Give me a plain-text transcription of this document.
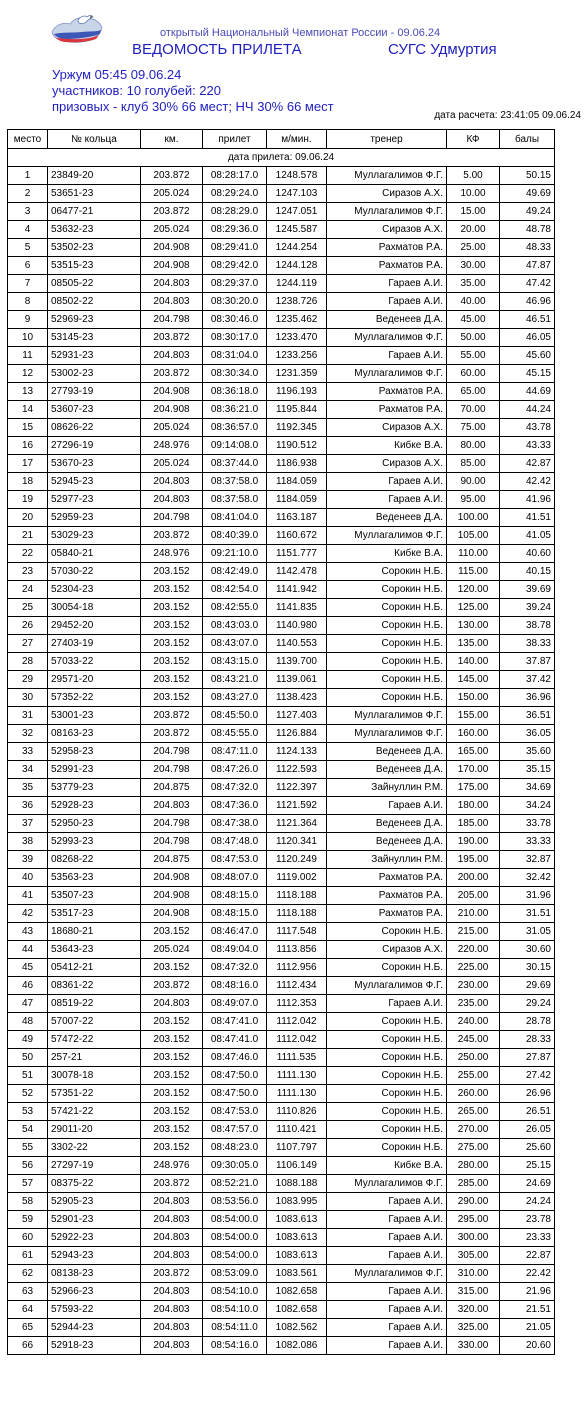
открытый Национальный Чемпионат России - 09.06.24
ВЕДОМОСТЬ ПРИЛЕТА	СУГС Удмуртия
Уржум 05:45 09.06.24
участников: 10 голубей: 220
призовых - клуб 30% 66 мест; НЧ 30% 66 мест
дата расчета: 23:41:05 09.06.24
место	№ кольца	км.	прилет	м/мин.	тренер	КФ	балы
дата прилета: 09.06.24							
1	23849-20	203.872	08:28:17.0	1248.578	Муллагалимов Ф.Г.	5.00	50.15
2	53651-23	205.024	08:29:24.0	1247.103	Сиразов А.Х.	10.00	49.69
3	06477-21	203.872	08:28:29.0	1247.051	Муллагалимов Ф.Г.	15.00	49.24
4	53632-23	205.024	08:29:36.0	1245.587	Сиразов А.Х.	20.00	48.78
5	53502-23	204.908	08:29:41.0	1244.254	Рахматов Р.А.	25.00	48.33
6	53515-23	204.908	08:29:42.0	1244.128	Рахматов Р.А.	30.00	47.87
7	08505-22	204.803	08:29:37.0	1244.119	Гараев А.И.	35.00	47.42
8	08502-22	204.803	08:30:20.0	1238.726	Гараев А.И.	40.00	46.96
9	52969-23	204.798	08:30:46.0	1235.462	Веденеев Д.А.	45.00	46.51
10	53145-23	203.872	08:30:17.0	1233.470	Муллагалимов Ф.Г.	50.00	46.05
11	52931-23	204.803	08:31:04.0	1233.256	Гараев А.И.	55.00	45.60
12	53002-23	203.872	08:30:34.0	1231.359	Муллагалимов Ф.Г.	60.00	45.15
13	27793-19	204.908	08:36:18.0	1196.193	Рахматов Р.А.	65.00	44.69
14	53607-23	204.908	08:36:21.0	1195.844	Рахматов Р.А.	70.00	44.24
15	08626-22	205.024	08:36:57.0	1192.345	Сиразов А.Х.	75.00	43.78
16	27296-19	248.976	09:14:08.0	1190.512	Кибке В.А.	80.00	43.33
17	53670-23	205.024	08:37:44.0	1186.938	Сиразов А.Х.	85.00	42.87
18	52945-23	204.803	08:37:58.0	1184.059	Гараев А.И.	90.00	42.42
19	52977-23	204.803	08:37:58.0	1184.059	Гараев А.И.	95.00	41.96
20	52959-23	204.798	08:41:04.0	1163.187	Веденеев Д.А.	100.00	41.51
21	53029-23	203.872	08:40:39.0	1160.672	Муллагалимов Ф.Г.	105.00	41.05
22	05840-21	248.976	09:21:10.0	1151.777	Кибке В.А.	110.00	40.60
23	57030-22	203.152	08:42:49.0	1142.478	Сорокин Н.Б.	115.00	40.15
24	52304-23	203.152	08:42:54.0	1141.942	Сорокин Н.Б.	120.00	39.69
25	30054-18	203.152	08:42:55.0	1141.835	Сорокин Н.Б.	125.00	39.24
26	29452-20	203.152	08:43:03.0	1140.980	Сорокин Н.Б.	130.00	38.78
27	27403-19	203.152	08:43:07.0	1140.553	Сорокин Н.Б.	135.00	38.33
28	57033-22	203.152	08:43:15.0	1139.700	Сорокин Н.Б.	140.00	37.87
29	29571-20	203.152	08:43:21.0	1139.061	Сорокин Н.Б.	145.00	37.42
30	57352-22	203.152	08:43:27.0	1138.423	Сорокин Н.Б.	150.00	36.96
31	53001-23	203.872	08:45:50.0	1127.403	Муллагалимов Ф.Г.	155.00	36.51
32	08163-23	203.872	08:45:55.0	1126.884	Муллагалимов Ф.Г.	160.00	36.05
33	52958-23	204.798	08:47:11.0	1124.133	Веденеев Д.А.	165.00	35.60
34	52991-23	204.798	08:47:26.0	1122.593	Веденеев Д.А.	170.00	35.15
35	53779-23	204.875	08:47:32.0	1122.397	Зайнуллин Р.М.	175.00	34.69
36	52928-23	204.803	08:47:36.0	1121.592	Гараев А.И.	180.00	34.24
37	52950-23	204.798	08:47:38.0	1121.364	Веденеев Д.А.	185.00	33.78
38	52993-23	204.798	08:47:48.0	1120.341	Веденеев Д.А.	190.00	33.33
39	08268-22	204.875	08:47:53.0	1120.249	Зайнуллин Р.М.	195.00	32.87
40	53563-23	204.908	08:48:07.0	1119.002	Рахматов Р.А.	200.00	32.42
41	53507-23	204.908	08:48:15.0	1118.188	Рахматов Р.А.	205.00	31.96
42	53517-23	204.908	08:48:15.0	1118.188	Рахматов Р.А.	210.00	31.51
43	18680-21	203.152	08:46:47.0	1117.548	Сорокин Н.Б.	215.00	31.05
44	53643-23	205.024	08:49:04.0	1113.856	Сиразов А.Х.	220.00	30.60
45	05412-21	203.152	08:47:32.0	1112.956	Сорокин Н.Б.	225.00	30.15
46	08361-22	203.872	08:48:16.0	1112.434	Муллагалимов Ф.Г.	230.00	29.69
47	08519-22	204.803	08:49:07.0	1112.353	Гараев А.И.	235.00	29.24
48	57007-22	203.152	08:47:41.0	1112.042	Сорокин Н.Б.	240.00	28.78
49	57472-22	203.152	08:47:41.0	1112.042	Сорокин Н.Б.	245.00	28.33
50	257-21	203.152	08:47:46.0	1111.535	Сорокин Н.Б.	250.00	27.87
51	30078-18	203.152	08:47:50.0	1111.130	Сорокин Н.Б.	255.00	27.42
52	57351-22	203.152	08:47:50.0	1111.130	Сорокин Н.Б.	260.00	26.96
53	57421-22	203.152	08:47:53.0	1110.826	Сорокин Н.Б.	265.00	26.51
54	29011-20	203.152	08:47:57.0	1110.421	Сорокин Н.Б.	270.00	26.05
55	3302-22	203.152	08:48:23.0	1107.797	Сорокин Н.Б.	275.00	25.60
56	27297-19	248.976	09:30:05.0	1106.149	Кибке В.А.	280.00	25.15
57	08375-22	203.872	08:52:21.0	1088.188	Муллагалимов Ф.Г.	285.00	24.69
58	52905-23	204.803	08:53:56.0	1083.995	Гараев А.И.	290.00	24.24
59	52901-23	204.803	08:54:00.0	1083.613	Гараев А.И.	295.00	23.78
60	52922-23	204.803	08:54:00.0	1083.613	Гараев А.И.	300.00	23.33
61	52943-23	204.803	08:54:00.0	1083.613	Гараев А.И.	305.00	22.87
62	08138-23	203.872	08:53:09.0	1083.561	Муллагалимов Ф.Г.	310.00	22.42
63	52966-23	204.803	08:54:10.0	1082.658	Гараев А.И.	315.00	21.96
64	57593-22	204.803	08:54:10.0	1082.658	Гараев А.И.	320.00	21.51
65	52944-23	204.803	08:54:11.0	1082.562	Гараев А.И.	325.00	21.05
66	52918-23	204.803	08:54:16.0	1082.086	Гараев А.И.	330.00	20.60
